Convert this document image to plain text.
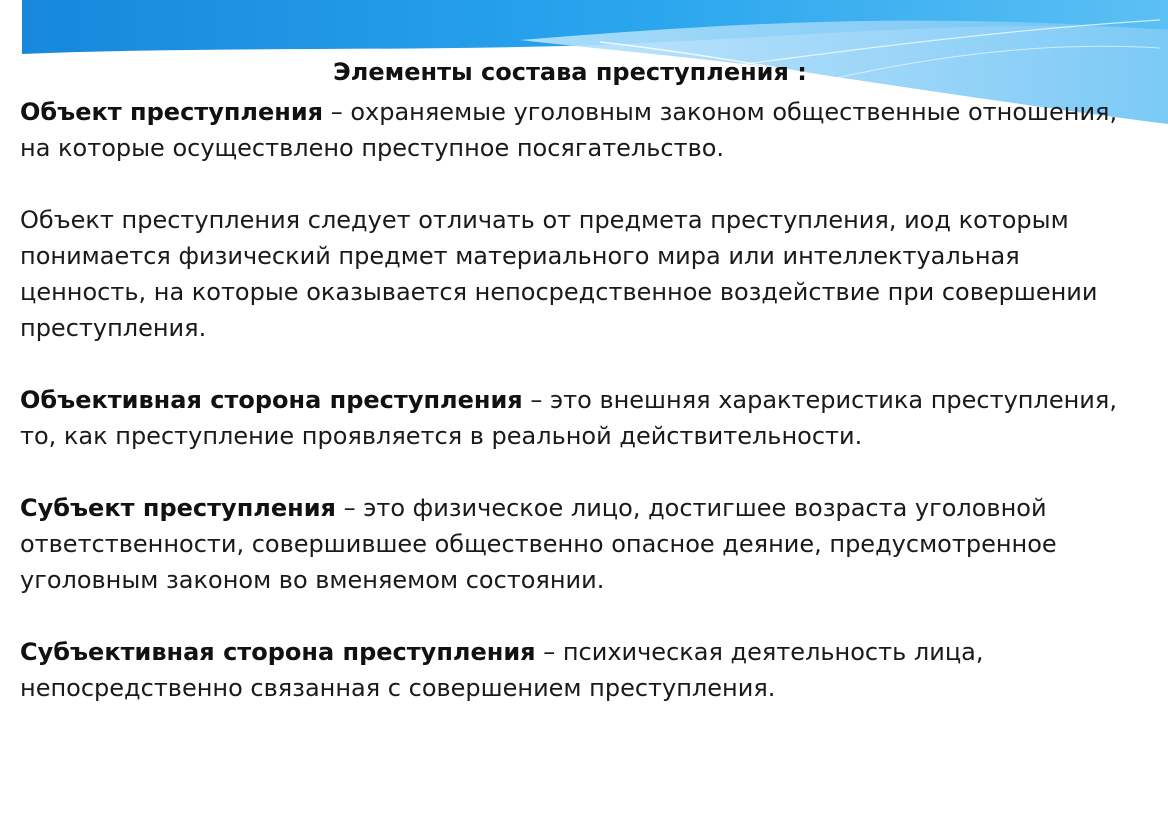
Элементы состава преступления :

Объект преступления – охраняемые уголовным законом общественные отношения, на которые осуществлено преступное посягательство.

Объект преступления следует отличать от предмета преступления, иод которым понимается физический предмет материального мира или интеллектуальная ценность, на которые оказывается непосредственное воздействие при совершении преступления.

Объективная сторона преступления – это внешняя характеристика преступления, то, как преступление проявляется в реальной действительности.

Субъект преступления – это физическое лицо, достигшее возраста уголовной ответственности, совершившее общественно опасное деяние, предусмотренное уголовным законом во вменяемом состоянии.

Субъективная сторона преступления – психическая деятельность лица, непосредственно связанная с совершением преступления.
